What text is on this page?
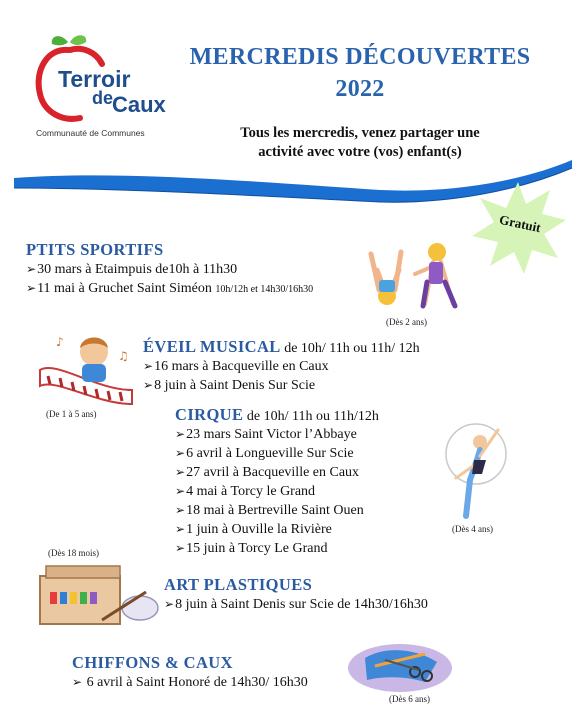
Terroir
de
Caux
Communauté de Communes
MERCREDIS DÉCOUVERTES
2022
Tous les mercredis, venez partager une
activité avec votre (vos) enfant(s)
Gratuit
PTITS SPORTIFS
➢30 mars à Etaimpuis de10h à 11h30
➢11 mai à Gruchet Saint Siméon 10h/12h et 14h30/16h30
(Dès 2 ans)
♪
♫
(De 1 à 5 ans)
ÉVEIL MUSICAL de 10h/ 11h ou 11h/ 12h
➢16 mars à Bacqueville en Caux
➢8 juin à Saint Denis Sur Scie
CIRQUE de 10h/ 11h ou 11h/12h
➢23 mars Saint Victor l’Abbaye
➢6 avril à Longueville Sur Scie
➢27 avril à Bacqueville en Caux
➢4 mai à Torcy le Grand
➢18 mai à Bertreville Saint Ouen
➢1 juin à Ouville la Rivière
➢15 juin à Torcy Le Grand
(Dès 4 ans)
(Dès 18 mois)
ART PLASTIQUES
➢8 juin à Saint Denis sur Scie de 14h30/16h30
CHIFFONS & CAUX
➢ 6 avril à Saint Honoré de 14h30/ 16h30
(Dès 6 ans)
